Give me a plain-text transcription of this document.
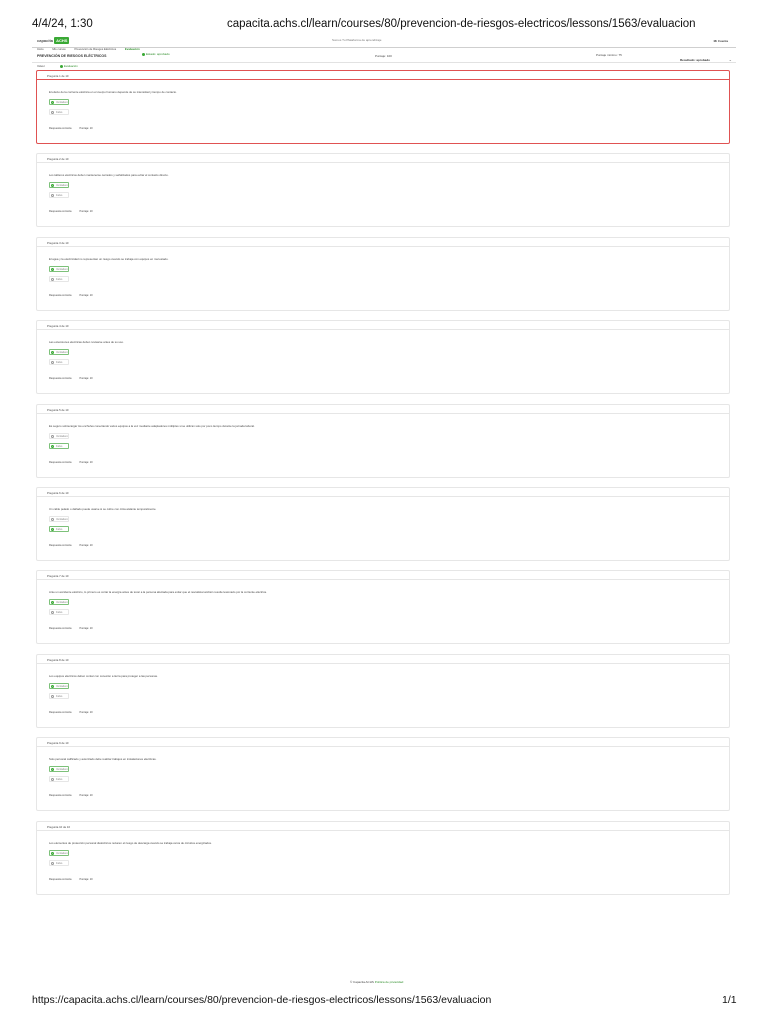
4/4/24, 1:30	capacita.achs.cl/learn/courses/80/prevencion-de-riesgos-electricos/lessons/1563/evaluacion
capacita ACHS	Somos Tu Plataforma de aprendizaje	Mi Cuenta
Inicio	Mis cursos	Prevención de Riesgos Eléctricos	Evaluación
PREVENCIÓN DE RIESGOS ELÉCTRICOS	Estado: aprobado	Puntaje: 100	Puntaje mínimo: 75
Resultado: aprobado	⌄
Volver	Evaluación
Pregunta 1 de 10
El efecto de la corriente eléctrica en el cuerpo humano depende de su intensidad y tiempo de contacto.
Verdadero
Falso
Respuesta correcta	Puntaje: 10
Pregunta 2 de 10
Los tableros eléctricos deben mantenerse cerrados y señalizados para evitar el contacto directo.
Verdadero
Falso
Respuesta correcta	Puntaje: 10
Pregunta 3 de 10
El agua y la electricidad no representan un riesgo cuando se trabaja con equipos en mal estado.
Verdadero
Falso
Respuesta correcta	Puntaje: 10
Pregunta 4 de 10
Las extensiones eléctricas deben revisarse antes de su uso.
Verdadero
Falso
Respuesta correcta	Puntaje: 10
Pregunta 5 de 10
Es seguro sobrecargar los enchufes conectando varios equipos a la vez mediante adaptadores múltiples si se utilizan solo por poco tiempo durante la jornada laboral.
Verdadero
Falso
Respuesta correcta	Puntaje: 10
Pregunta 6 de 10
Un cable pelado o dañado puede usarse si se cubre con cinta aislante temporalmente.
Verdadero
Falso
Respuesta correcta	Puntaje: 10
Pregunta 7 de 10
Ante un accidente eléctrico, lo primero es cortar la energía antes de tocar a la persona afectada para evitar que el rescatista también resulte lesionado por la corriente eléctrica.
Verdadero
Falso
Respuesta correcta	Puntaje: 10
Pregunta 8 de 10
Los equipos eléctricos deben contar con conexión a tierra para proteger a las personas.
Verdadero
Falso
Respuesta correcta	Puntaje: 10
Pregunta 9 de 10
Solo personal calificado y autorizado debe realizar trabajos en instalaciones eléctricas.
Verdadero
Falso
Respuesta correcta	Puntaje: 10
Pregunta 10 de 10
Los elementos de protección personal dieléctricos reducen el riesgo de descarga cuando se trabaja cerca de circuitos energizados.
Verdadero
Falso
Respuesta correcta	Puntaje: 10
© Capacita ACHS Política de privacidad
https://capacita.achs.cl/learn/courses/80/prevencion-de-riesgos-electricos/lessons/1563/evaluacion	1/1
